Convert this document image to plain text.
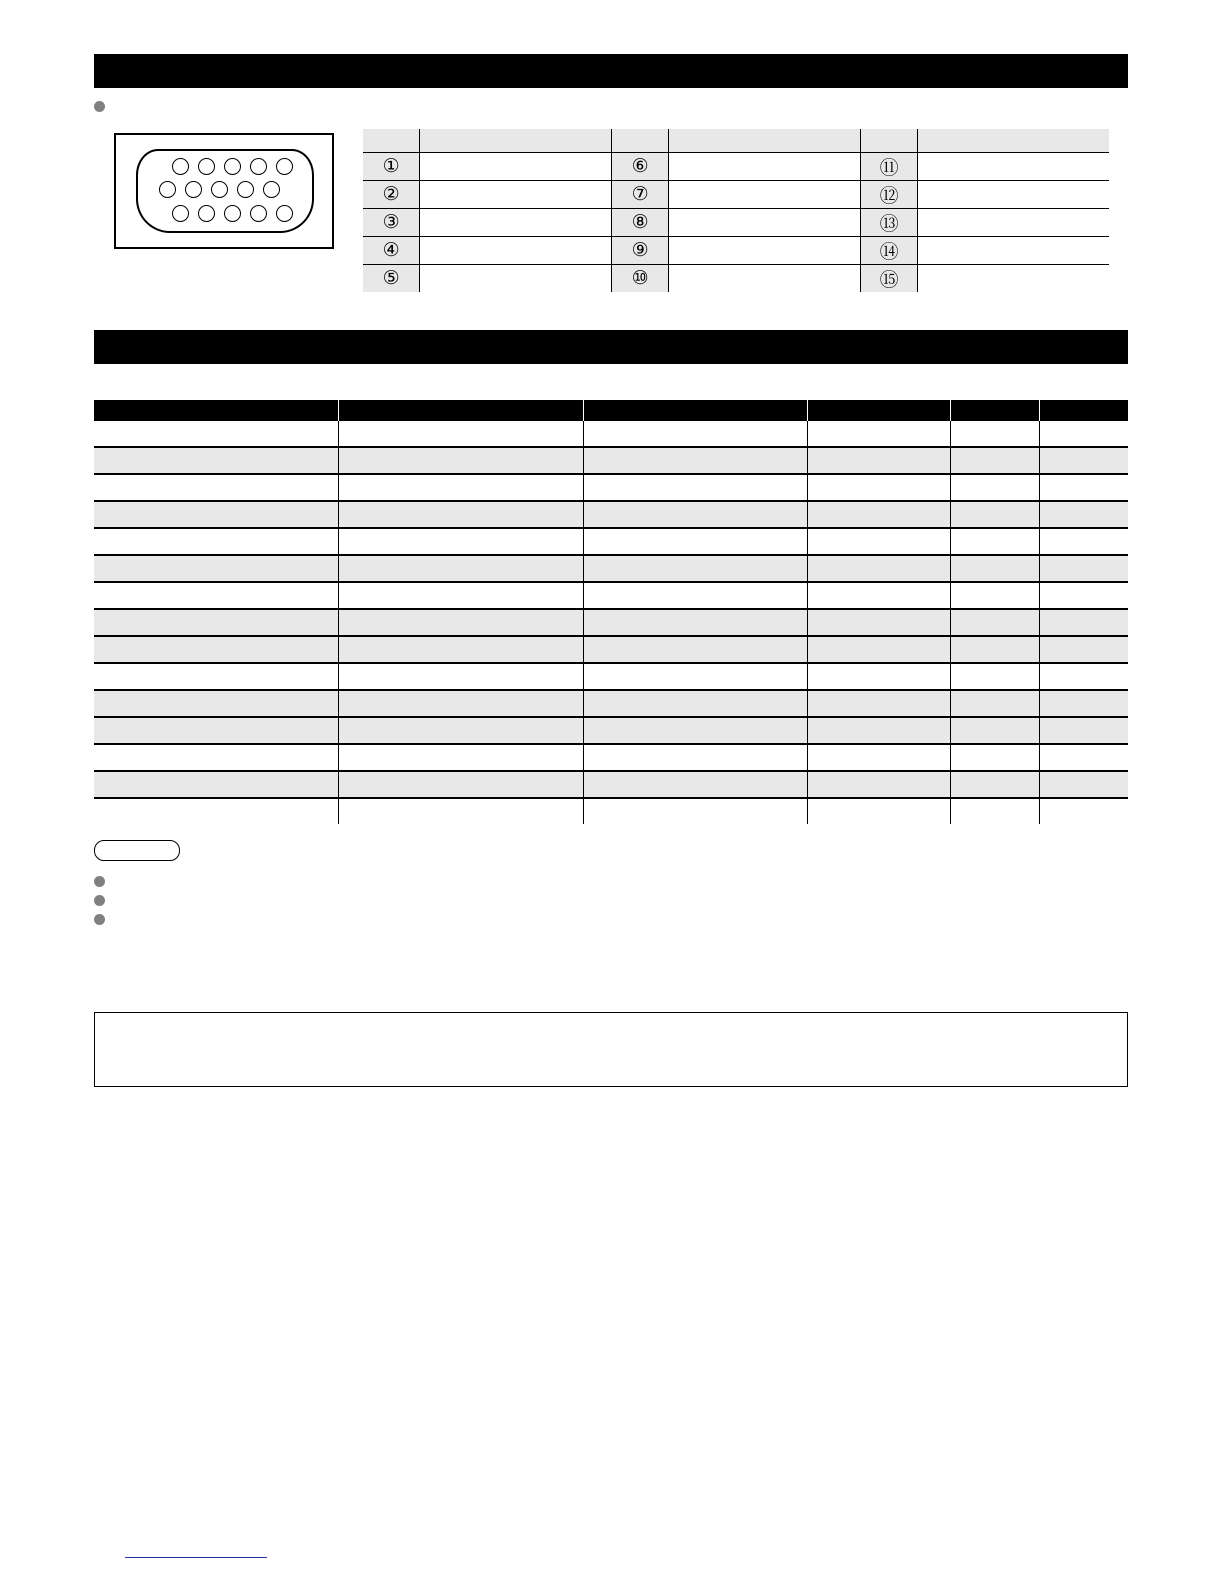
①		⑥		⑪	
②		⑦		⑫	
③		⑧		⑬	
④		⑨		⑭	
⑤		⑩		⑮	
